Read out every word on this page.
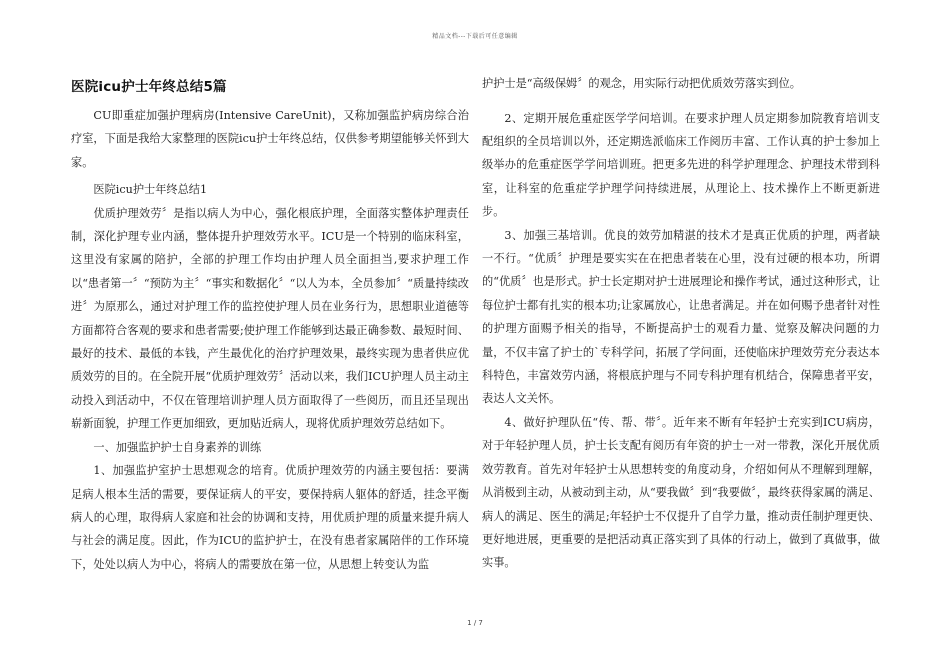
精品文档---下载后可任意编辑
医院icu护士年终总结5篇

CU即重症加强护理病房(Intensive CareUnit)，又称加强监护病房综合治疗室，下面是我给大家整理的医院icu护士年终总结，仅供参考期望能够关怀到大家。

医院icu护士年终总结1

优质护理效劳〞是指以病人为中心，强化根底护理，全面落实整体护理责任制，深化护理专业内涵，整体提升护理效劳水平。ICU是一个特别的临床科室，这里没有家属的陪护，全部的护理工作均由护理人员全面担当,要求护理工作以“患者第一〞“预防为主〞“事实和数据化〞“以人为本，全员参加〞“质量持续改进〞为原那么，通过对护理工作的监控使护理人员在业务行为，思想职业道德等方面都符合客观的要求和患者需要;使护理工作能够到达最正确参数、最短时间、最好的技术、最低的本钱，产生最优化的治疗护理效果，最终实现为患者供应优质效劳的目的。在全院开展“优质护理效劳〞活动以来，我们ICU护理人员主动主动投入到活动中，不仅在管理培训护理人员方面取得了一些阅历，而且还呈现出崭新面貌，护理工作更加细致，更加贴近病人，现将优质护理效劳总结如下。

一、加强监护护士自身素养的训练

1、加强监护室护士思想观念的培育。优质护理效劳的内涵主要包括：要满足病人根本生活的需要，要保证病人的平安，要保持病人躯体的舒适，挂念平衡病人的心理，取得病人家庭和社会的协调和支持，用优质护理的质量来提升病人与社会的满足度。因此，作为ICU的监护护士，在没有患者家属陪伴的工作环境下，处处以病人为中心，将病人的需要放在第一位，从思想上转变认为监

护护士是“高级保姆〞的观念，用实际行动把优质效劳落实到位。

2、定期开展危重症医学学问培训。在要求护理人员定期参加院教育培训支配组织的全员培训以外，还定期选派临床工作阅历丰富、工作认真的护士参加上级举办的危重症医学学问培训班。把更多先进的科学护理理念、护理技术带到科室，让科室的危重症学护理学问持续进展，从理论上、技术操作上不断更新进步。

3、加强三基培训。优良的效劳加精湛的技术才是真正优质的护理，两者缺一不行。“优质〞护理是要实实在在把患者装在心里，没有过硬的根本功，所谓的“优质〞也是形式。护士长定期对护士进展理论和操作考试，通过这种形式，让每位护士都有扎实的根本功;让家属放心，让患者满足。并在如何赐予患者针对性的护理方面赐予相关的指导，不断提高护士的观看力量、觉察及解决问题的力量，不仅丰富了护士的`专科学问，拓展了学问面，还使临床护理效劳充分表达本科特色，丰富效劳内涵，将根底护理与不同专科护理有机结合，保障患者平安，表达人文关怀。

4、做好护理队伍“传、帮、带〞。近年来不断有年轻护士充实到ICU病房，对于年轻护理人员，护士长支配有阅历有年资的护士一对一带教，深化开展优质效劳教育。首先对年轻护士从思想转变的角度动身，介绍如何从不理解到理解，从消极到主动，从被动到主动，从“要我做〞到“我要做〞，最终获得家属的满足、病人的满足、医生的满足;年轻护士不仅提升了自学力量，推动责任制护理更快、更好地进展，更重要的是把活动真正落实到了具体的行动上，做到了真做事，做实事。

1 / 7
